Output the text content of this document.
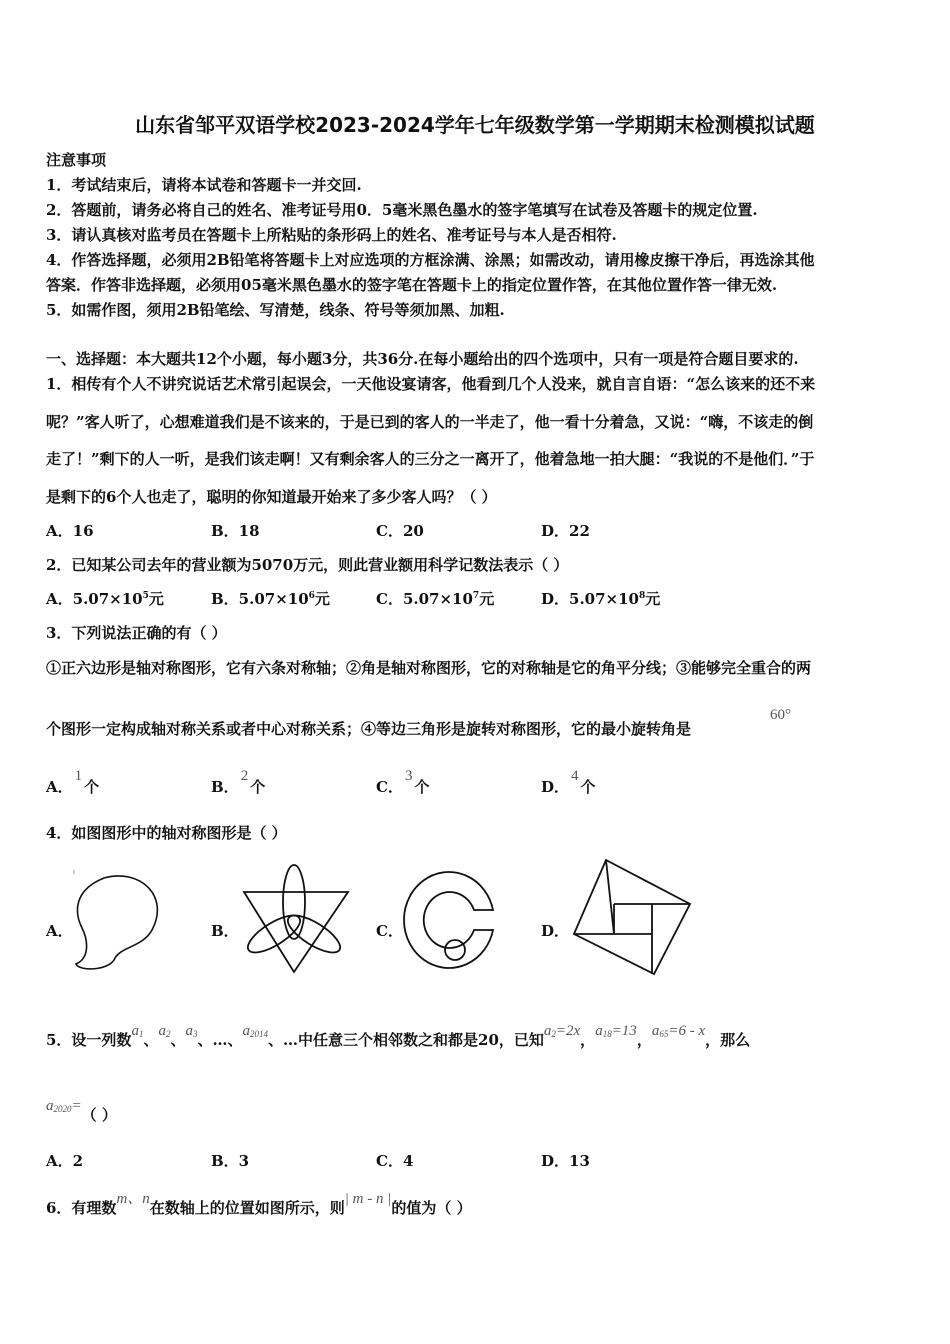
山东省邹平双语学校2023-2024学年七年级数学第一学期期末检测模拟试题
注意事项
1．考试结束后，请将本试卷和答题卡一并交回.
2．答题前，请务必将自己的姓名、准考证号用0．5毫米黑色墨水的签字笔填写在试卷及答题卡的规定位置.
3．请认真核对监考员在答题卡上所粘贴的条形码上的姓名、准考证号与本人是否相符.
4．作答选择题，必须用2B铅笔将答题卡上对应选项的方框涂满、涂黑；如需改动，请用橡皮擦干净后，再选涂其他
答案．作答非选择题，必须用05毫米黑色墨水的签字笔在答题卡上的指定位置作答，在其他位置作答一律无效.
5．如需作图，须用2B铅笔绘、写清楚，线条、符号等须加黑、加粗.
一、选择题：本大题共12个小题，每小题3分，共36分.在每小题给出的四个选项中，只有一项是符合题目要求的.
1．相传有个人不讲究说话艺术常引起误会，一天他设宴请客，他看到几个人没来，就自言自语：“怎么该来的还不来
呢？”客人听了，心想难道我们是不该来的，于是已到的客人的一半走了，他一看十分着急，又说：“嗨，不该走的倒
走了！”剩下的人一听，是我们该走啊！又有剩余客人的三分之一离开了，他着急地一拍大腿：“我说的不是他们．”于
是剩下的6个人也走了，聪明的你知道最开始来了多少客人吗？（ ）
A．16	B．18	C．20	D．22
2．已知某公司去年的营业额为5070万元，则此营业额用科学记数法表示（ ）
A．$5.07\times 10^5$元	B．$5.07\times 10^6$元	C．$5.07\times 10^7$元	D．$5.07\times 10^8$元
3．下列说法正确的有（ ）
①正六边形是轴对称图形，它有六条对称轴；②角是轴对称图形，它的对称轴是它的角平分线；③能够完全重合的两
个图形一定构成轴对称关系或者中心对称关系；④等边三角形是旋转对称图形，它的最小旋转角是
60°
A．1个	B．2个	C．3个	D．4个
4．如图图形中的轴对称图形是（ ）
A．	B．	C．	D．
5．设一列数$a_1$、$a_2$、$a_3$、…、$a_{2014}$、…中任意三个相邻数之和都是20，已知$a_2=2x$，$a_{18}=13$，$a_{65}=6 - x$，那么
$a_{2020}=$（ ）
A．2	B．3	C．4	D．13
6．有理数m、n在数轴上的位置如图所示，则| m - n |的值为（ ）
